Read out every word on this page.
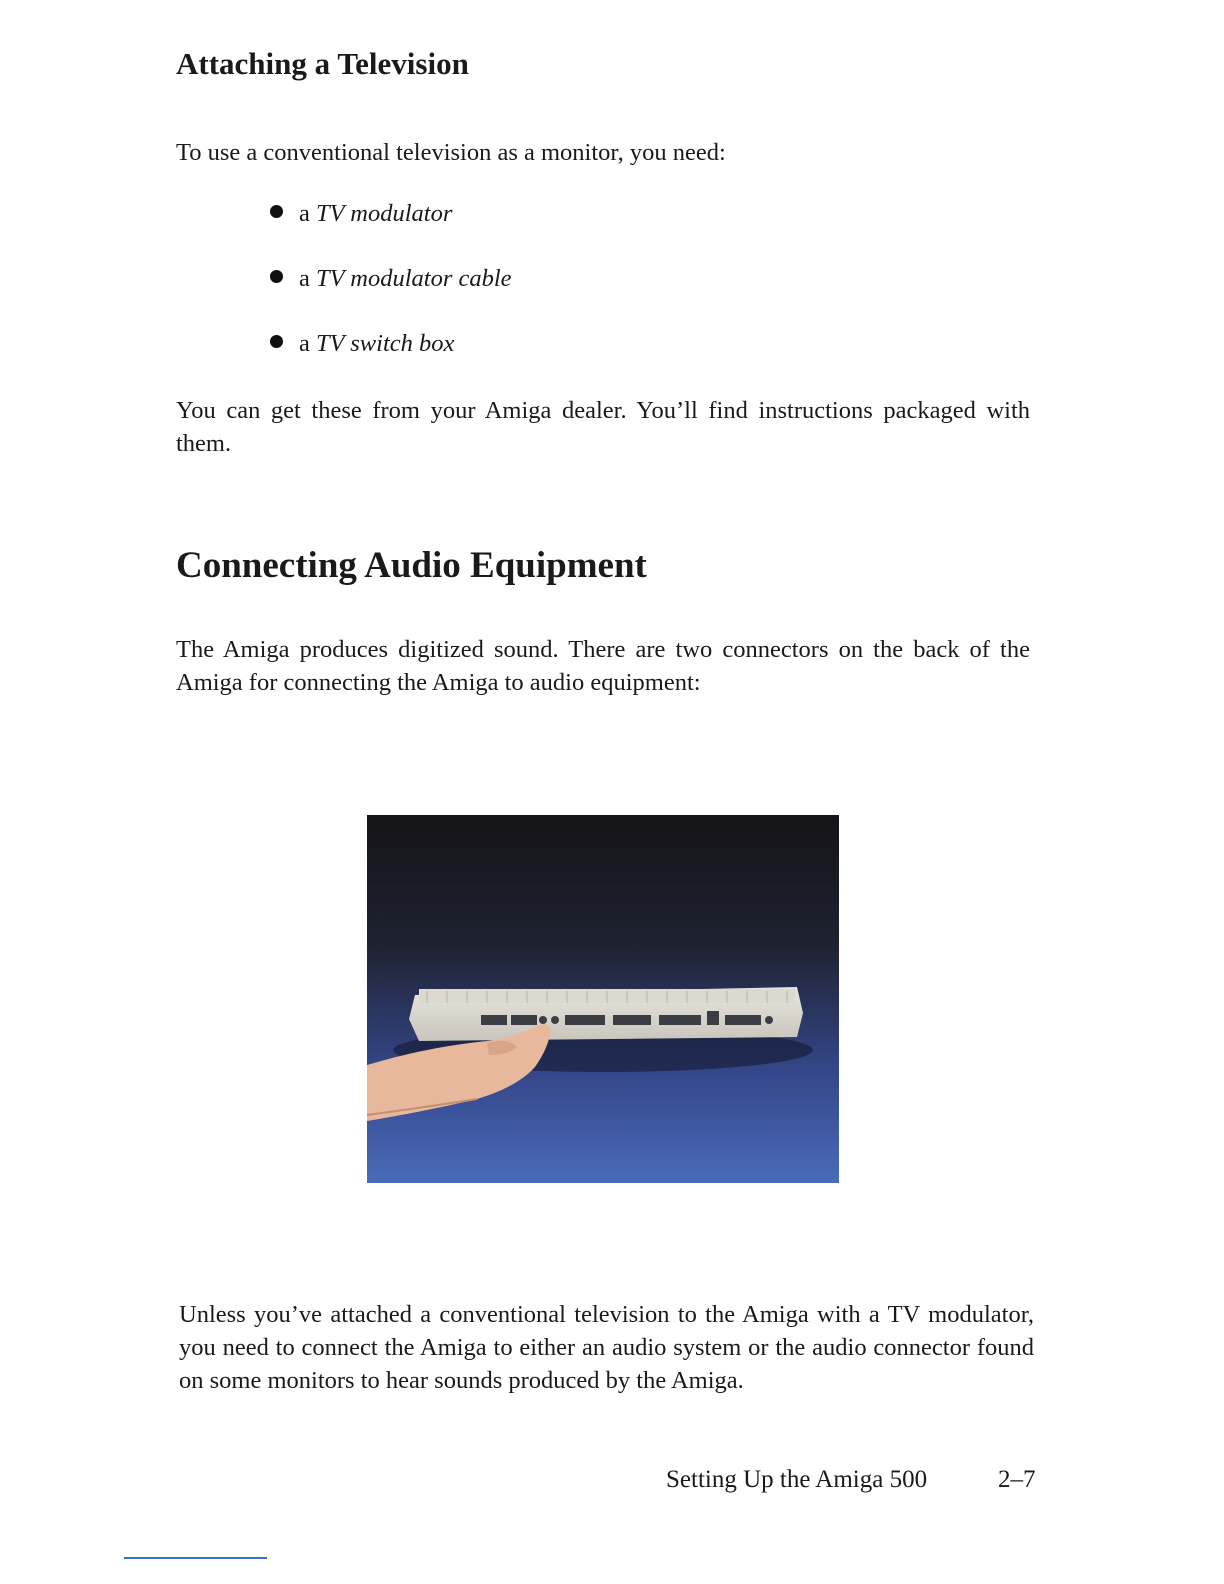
Attaching a Television

To use a conventional television as a monitor, you need:

a TV modulator
a TV modulator cable
a TV switch box

You can get these from your Amiga dealer. You’ll find instructions packaged with them.

Connecting Audio Equipment

The Amiga produces digitized sound. There are two connectors on the back of the Amiga for connecting the Amiga to audio equipment:

Unless you’ve attached a conventional television to the Amiga with a TV modulator, you need to connect the Amiga to either an audio system or the audio connector found on some monitors to hear sounds produced by the Amiga.

Setting Up the Amiga 500	2–7
